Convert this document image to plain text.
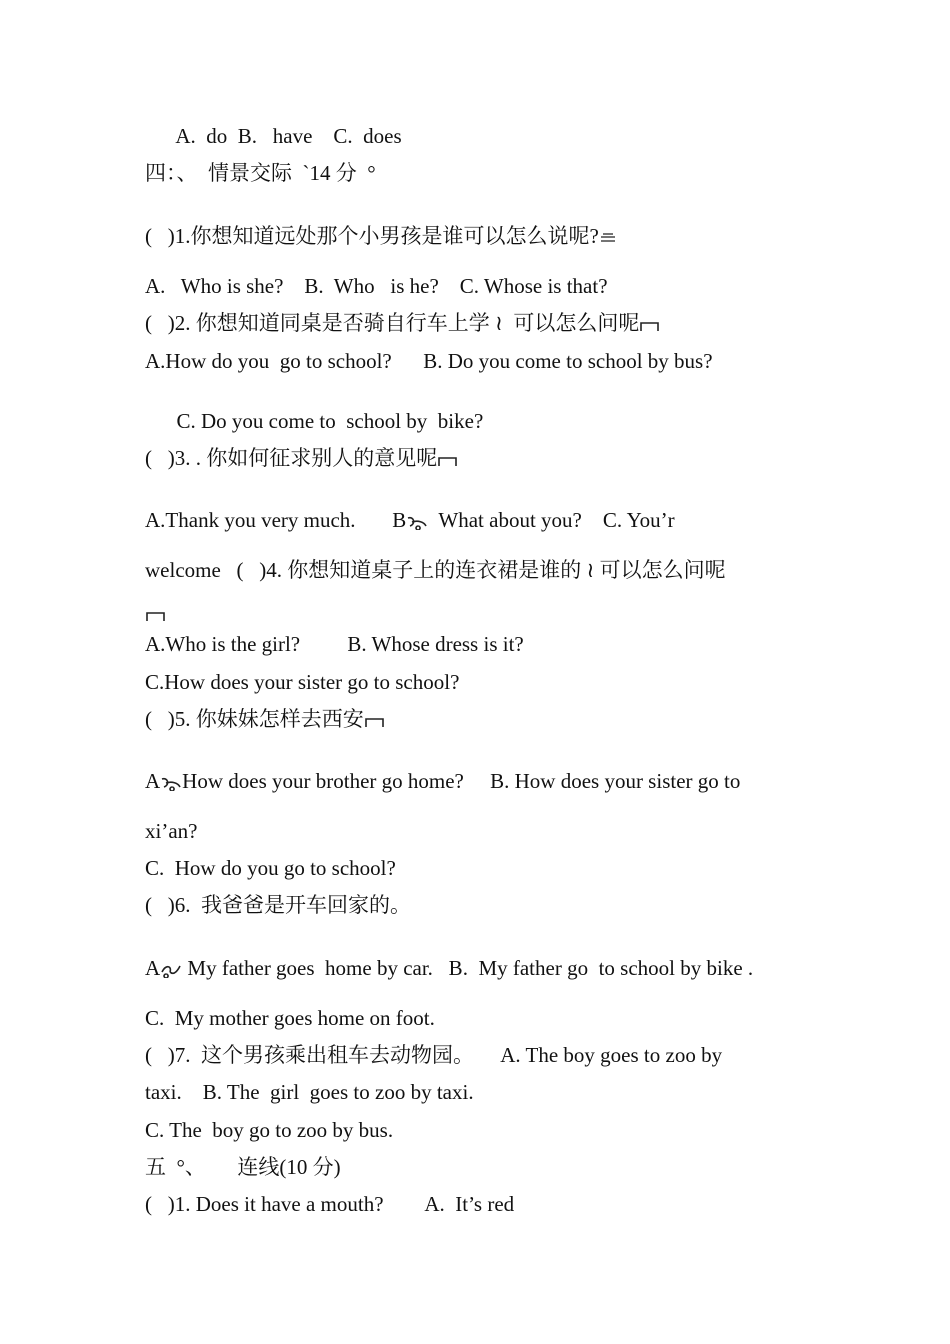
A.  do  B.   have    C.  does
四：、  情景交际  `14 分  °
(   )1.你想知道远处那个小男孩是谁可以怎么说呢?
A.   Who is she?    B.  Who   is he?    C. Whose is that?
(   )2. 你想知道同桌是否骑自行车上学 ≀  可以怎么问呢
A.How do you  go to school?      B. Do you come to school by bus?
C. Do you come to  school by  bike?
(   )3. . 你如何征求别人的意见呢
A.Thank you very much.       B  What about you?    C. You’r
welcome   (   )4. 你想知道桌子上的连衣裙是谁的 ≀ 可以怎么问呢
A.Who is the girl?         B. Whose dress is it?
C.How does your sister go to school?
(   )5. 你妹妹怎样去西安
A How does your brother go home?     B. How does your sister go to
xi’an?
C.  How do you go to school?
(   )6.  我爸爸是开车回家的。
A My father goes  home by car.   B.  My father go  to school by bike .
C.  My mother goes home on foot.
(   )7.  这个男孩乘出租车去动物园。     A. The boy goes to zoo by
taxi.    B. The  girl  goes to zoo by taxi.
C. The  boy go to zoo by bus.
五  °、      连线(10 分)
(   )1. Does it have a mouth?        A.  It’s red
